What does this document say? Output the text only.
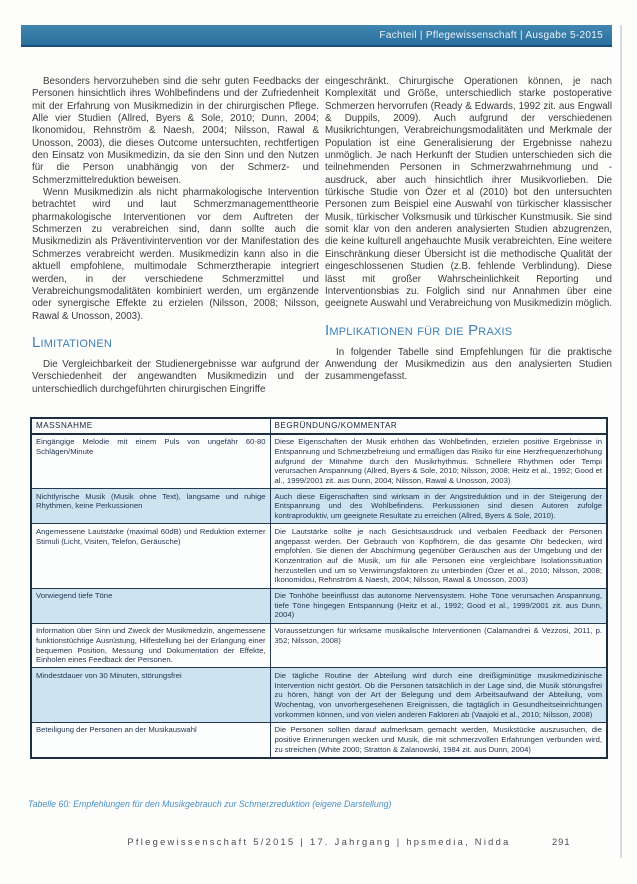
Fachteil | Pflegewissenschaft | Ausgabe 5-2015

Besonders hervorzuheben sind die sehr guten Feedbacks der Personen hinsichtlich ihres Wohlbefindens und der Zufriedenheit mit der Erfahrung von Musikmedizin in der chirurgischen Pflege. Alle vier Studien (Allred, Byers & Sole, 2010; Dunn, 2004; Ikonomidou, Rehnström & Naesh, 2004; Nilsson, Rawal & Unosson, 2003), die dieses Outcome untersuchten, rechtfertigen den Einsatz von Musikmedizin, da sie den Sinn und den Nutzen für die Person unabhängig von der Schmerz- und Schmerzmittelreduktion beweisen.

Wenn Musikmedizin als nicht pharmakologische Intervention betrachtet wird und laut Schmerzmanagementtheorie pharmakologische Interventionen vor dem Auftreten der Schmerzen zu verabreichen sind, dann sollte auch die Musikmedizin als Präventivintervention vor der Manifestation des Schmerzes verabreicht werden. Musikmedizin kann also in die aktuell empfohlene, multimodale Schmerztherapie integriert werden, in der verschiedene Schmerzmittel und Verabreichungsmodalitäten kombiniert werden, um ergänzende oder synergische Effekte zu erzielen (Nilsson, 2008; Nilsson, Rawal & Unosson, 2003).

Limitationen

Die Vergleichbarkeit der Studienergebnisse war aufgrund der Verschiedenheit der angewandten Musikmedizin und der unterschiedlich durchgeführten chirurgischen Eingriffe

eingeschränkt. Chirurgische Operationen können, je nach Komplexität und Größe, unterschiedlich starke postoperative Schmerzen hervorrufen (Ready & Edwards, 1992 zit. aus Engwall & Duppils, 2009). Auch aufgrund der verschiedenen Musikrichtungen, Verabreichungsmodalitäten und Merkmale der Population ist eine Generalisierung der Ergebnisse nahezu unmöglich. Je nach Herkunft der Studien unterschieden sich die teilnehmenden Personen in Schmerzwahrnehmung und -ausdruck, aber auch hinsichtlich ihrer Musikvorlieben. Die türkische Studie von Özer et al (2010) bot den untersuchten Personen zum Beispiel eine Auswahl von türkischer klassischer Musik, türkischer Volksmusik und türkischer Kunstmusik. Sie sind somit klar von den anderen analysierten Studien abzugrenzen, die keine kulturell angehauchte Musik verabreichten. Eine weitere Einschränkung dieser Übersicht ist die methodische Qualität der eingeschlossenen Studien (z.B. fehlende Verblindung). Diese lässt mit großer Wahrscheinlichkeit Reporting und Interventionsbias zu. Folglich sind nur Annahmen über eine geeignete Auswahl und Verabreichung von Musikmedizin möglich.

Implikationen für die Praxis

In folgender Tabelle sind Empfehlungen für die praktische Anwendung der Musikmedizin aus den analysierten Studien zusammengefasst.

MASSNAHME	BEGRÜNDUNG/KOMMENTAR
Eingängige Melodie mit einem Puls von ungefähr 60-80 Schlägen/Minute	Diese Eigenschaften der Musik erhöhen das Wohlbefinden, erzielen positive Ergebnisse in Entspannung und Schmerzbefreiung und ermäßigen das Risiko für eine Herzfrequenzerhöhung aufgrund der Mitnahme durch den Musikrhythmus. Schnellere Rhythmen oder Tempi verursachen Anspannung (Allred, Byers & Sole, 2010; Nilsson, 2008; Heitz et al., 1992; Good et al., 1999/2001 zit. aus Dunn, 2004; Nilsson, Rawal & Unosson, 2003)
Nichtlyrische Musik (Musik ohne Text), langsame und ruhige Rhythmen, keine Perkussionen	Auch diese Eigenschaften sind wirksam in der Angstreduktion und in der Steigerung der Entspannung und des Wohlbefindens. Perkussionen sind diesen Autoren zufolge kontraproduktiv, um geeignete Resultate zu erreichen (Allred, Byers & Sole, 2010).
Angemessene Lautstärke (maximal 60dB) und Reduktion externer Stimuli (Licht, Visiten, Telefon, Geräusche)	Die Lautstärke sollte je nach Gesichtsausdruck und verbalen Feedback der Personen angepasst werden. Der Gebrauch von Kopfhörern, die das gesamte Ohr bedecken, wird empfohlen. Sie dienen der Abschirmung gegenüber Geräuschen aus der Umgebung und der Konzentration auf die Musik, um für alle Personen eine vergleichbare Isolationssituation herzustellen und um so Verwirrungsfaktoren zu unterbinden (Özer et al., 2010; Nilsson, 2008; Ikonomidou, Rehnström & Naesh, 2004; Nilsson, Rawal & Unosson, 2003)
Vorwiegend tiefe Töne	Die Tonhöhe beeinflusst das autonome Nervensystem. Hohe Töne verursachen Anspannung, tiefe Töne hingegen Entspannung (Heitz et al., 1992; Good et al., 1999/2001 zit. aus Dunn, 2004)
Information über Sinn und Zweck der Musikmedizin, angemessene funktionstüchtige Ausrüstung, Hilfestellung bei der Erlangung einer bequemen Position, Messung und Dokumentation der Effekte, Einholen eines Feedback der Personen.	Voraussetzungen für wirksame musikalische Interventionen (Calamandrei & Vezzosi, 2011, p. 352; Nilsson, 2008)
Mindestdauer von 30 Minuten, störungsfrei	Die tägliche Routine der Abteilung wird durch eine dreißigminütige musikmedizinische Intervention nicht gestört. Ob die Personen tatsächlich in der Lage sind, die Musik störungsfrei zu hören, hängt von der Art der Belegung und dem Arbeitsaufwand der Abteilung, vom Wochentag, von unvorhergesehenen Ereignissen, die tagtäglich in Gesundheitseinrichtungen vorkommen können, und von vielen anderen Faktoren ab (Vaajoki et al., 2010; Nilsson, 2008)
Beteiligung der Personen an der Musikauswahl	Die Personen sollten darauf aufmerksam gemacht werden, Musikstücke auszusuchen, die positive Erinnerungen wecken und Musik, die mit schmerzvollen Erfahrungen verbunden wird, zu streichen (White 2000; Stratton & Zalanowski, 1984 zit. aus Dunn, 2004)

Tabelle 60: Empfehlungen für den Musikgebrauch zur Schmerzreduktion (eigene Darstellung)

Pflegewissenschaft 5/2015 | 17. Jahrgang | hpsmedia, Nidda	291
